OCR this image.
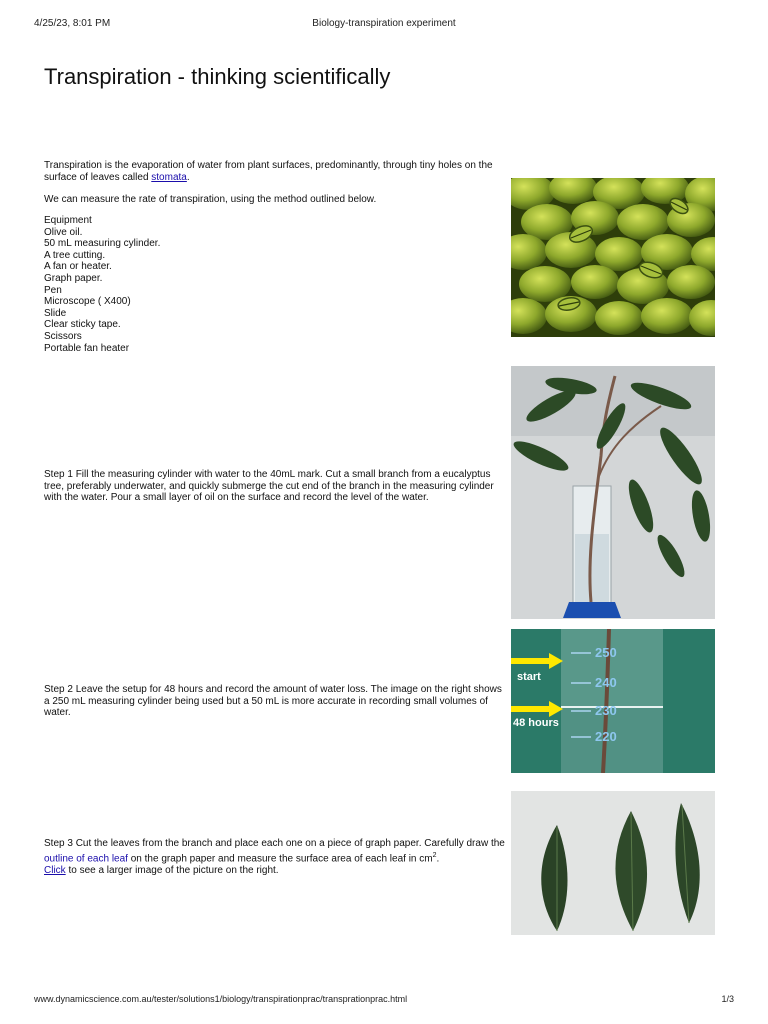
4/25/23, 8:01 PM	Biology-transpiration experiment
Transpiration - thinking scientifically
Transpiration is the evaporation of water from plant surfaces, predominantly, through tiny holes on the surface of leaves called stomata.
We can measure the rate of transpiration, using the method outlined below.
Equipment
Olive oil.
50 mL measuring cylinder.
A tree cutting.
A fan or heater.
Graph paper.
Pen
Microscope ( X400)
Slide
Clear sticky tape.
Scissors
Portable fan heater
Step 1 Fill the measuring cylinder with water to the 40mL mark. Cut a small branch from a eucalyptus tree, preferably underwater, and quickly submerge the cut end of the branch in the measuring cylinder with the water. Pour a small layer of oil on the surface and record the level of the water.
Step 2 Leave the setup for 48 hours and record the amount of water loss. The image on the right shows a 250 mL measuring cylinder being used but a 50 mL is more accurate in recording small volumes of water.
Step 3 Cut the leaves from the branch and place each one on a piece of graph paper. Carefully draw the outline of each leaf on the graph paper and measure the surface area of each leaf in $cm^2$.
Click to see a larger image of the picture on the right.
start
48 hours
250
240
230
220
www.dynamicscience.com.au/tester/solutions1/biology/transpirationprac/transprationprac.html	1/3
